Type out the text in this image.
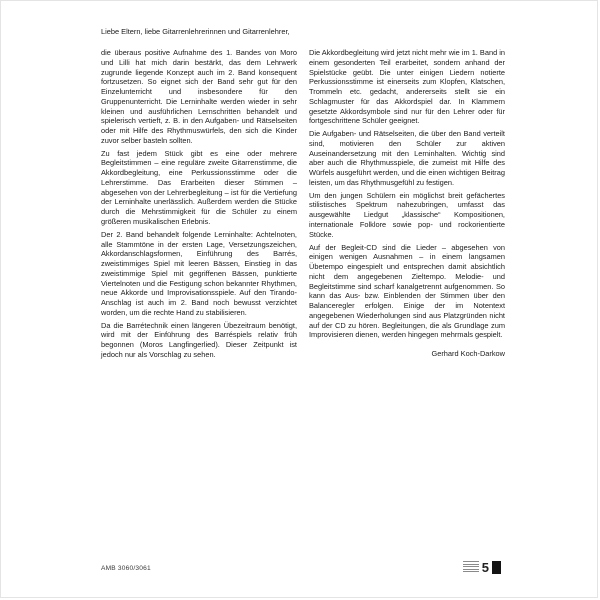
Liebe Eltern, liebe Gitarrenlehrerinnen und Gitarrenlehrer,

die überaus positive Aufnahme des 1. Bandes von Moro und Lilli hat mich darin bestärkt, das dem Lehrwerk zugrunde liegende Konzept auch im 2. Band konsequent fortzusetzen. So eignet sich der Band sehr gut für den Einzelunterricht und insbesondere für den Gruppenunterricht. Die Lerninhalte werden wieder in sehr kleinen und ausführlichen Lernschritten behandelt und spielerisch vertieft, z. B. in den Aufgaben- und Rätselseiten oder mit Hilfe des Rhythmuswürfels, den sich die Kinder zuvor selber basteln sollten.

Zu fast jedem Stück gibt es eine oder mehrere Begleitstimmen – eine reguläre zweite Gitarrenstimme, die Akkordbegleitung, eine Perkussionsstimme oder die Lehrerstimme. Das Erarbeiten dieser Stimmen – abgesehen von der Lehrerbegleitung – ist für die Vertiefung der Lerninhalte unerlässlich. Außerdem werden die Stücke durch die Mehrstimmigkeit für die Schüler zu einem größeren musikalischen Erlebnis.

Der 2. Band behandelt folgende Lerninhalte: Achtelnoten, alle Stammtöne in der ersten Lage, Versetzungszeichen, Akkordanschlagsformen, Einführung des Barrés, zweistimmiges Spiel mit leeren Bässen, Einstieg in das zweistimmige Spiel mit gegriffenen Bässen, punktierte Viertelnoten und die Festigung schon bekannter Rhythmen, neue Akkorde und Improvisationsspiele. Auf den Tirando-Anschlag ist auch im 2. Band noch bewusst verzichtet worden, um die rechte Hand zu stabilisieren.

Da die Barrétechnik einen längeren Übezeitraum benötigt, wird mit der Einführung des Barréspiels relativ früh begonnen (Moros Langfingerlied). Dieser Zeitpunkt ist jedoch nur als Vorschlag zu sehen.

Die Akkordbegleitung wird jetzt nicht mehr wie im 1. Band in einem gesonderten Teil erarbeitet, sondern anhand der Spielstücke geübt. Die unter einigen Liedern notierte Perkussionsstimme ist einerseits zum Klopfen, Klatschen, Trommeln etc. gedacht, andererseits stellt sie ein Schlagmuster für das Akkordspiel dar. In Klammern gesetzte Akkordsymbole sind nur für den Lehrer oder für fortgeschrittene Schüler geeignet.

Die Aufgaben- und Rätselseiten, die über den Band verteilt sind, motivieren den Schüler zur aktiven Auseinandersetzung mit den Lerninhalten. Wichtig sind aber auch die Rhythmusspiele, die zumeist mit Hilfe des Würfels ausgeführt werden, und die einen wichtigen Beitrag leisten, um das Rhythmusgefühl zu festigen.

Um den jungen Schülern ein möglichst breit gefächertes stilistisches Spektrum nahezubringen, umfasst das ausgewählte Liedgut „klassische“ Kompositionen, internationale Folklore sowie pop- und rockorientierte Stücke.

Auf der Begleit-CD sind die Lieder – abgesehen von einigen wenigen Ausnahmen – in einem langsamen Übetempo eingespielt und entsprechen damit absichtlich nicht dem angegebenen Zieltempo. Melodie- und Begleitstimme sind scharf kanalgetrennt aufgenommen. So kann das Aus- bzw. Einblenden der Stimmen über den Balanceregler erfolgen. Einige der im Notentext angegebenen Wiederholungen sind aus Platzgründen nicht auf der CD zu hören. Begleitungen, die als Grundlage zum Improvisieren dienen, werden hingegen mehrmals gespielt.

Gerhard Koch-Darkow
AMB 3060/3061	5
